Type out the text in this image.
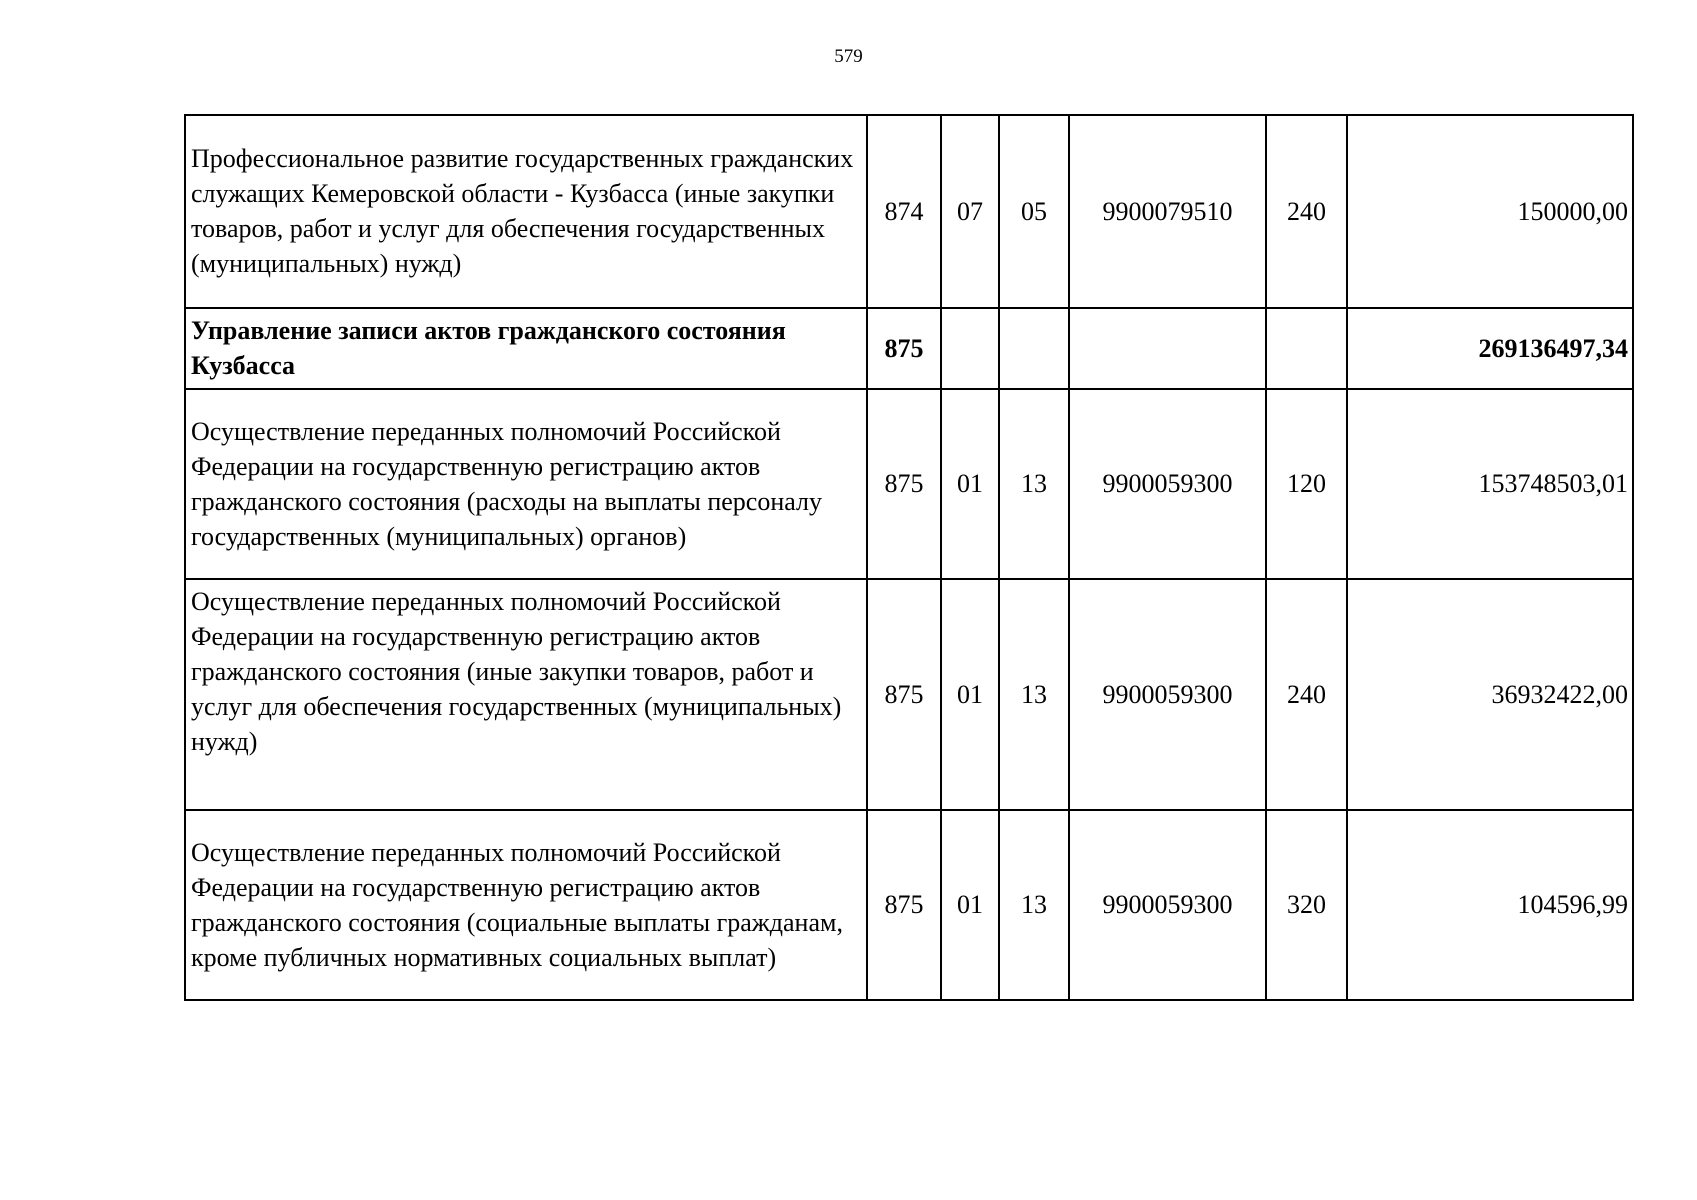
579
Профессиональное развитие государственных гражданских служащих Кемеровской области - Кузбасса (иные закупки товаров, работ и услуг для обеспечения государственных (муниципальных) нужд)	874	07	05	9900079510	240	150000,00
Управление записи актов гражданского состояния Кузбасса	875					269136497,34
Осуществление переданных полномочий Российской Федерации на государственную регистрацию актов гражданского состояния (расходы на выплаты персоналу государственных (муниципальных) органов)	875	01	13	9900059300	120	153748503,01
Осуществление переданных полномочий Российской Федерации на государственную регистрацию актов гражданского состояния (иные закупки товаров, работ и услуг для обеспечения государственных (муниципальных) нужд)	875	01	13	9900059300	240	36932422,00
Осуществление переданных полномочий Российской Федерации на государственную регистрацию актов гражданского состояния (социальные выплаты гражданам, кроме публичных нормативных социальных выплат)	875	01	13	9900059300	320	104596,99
